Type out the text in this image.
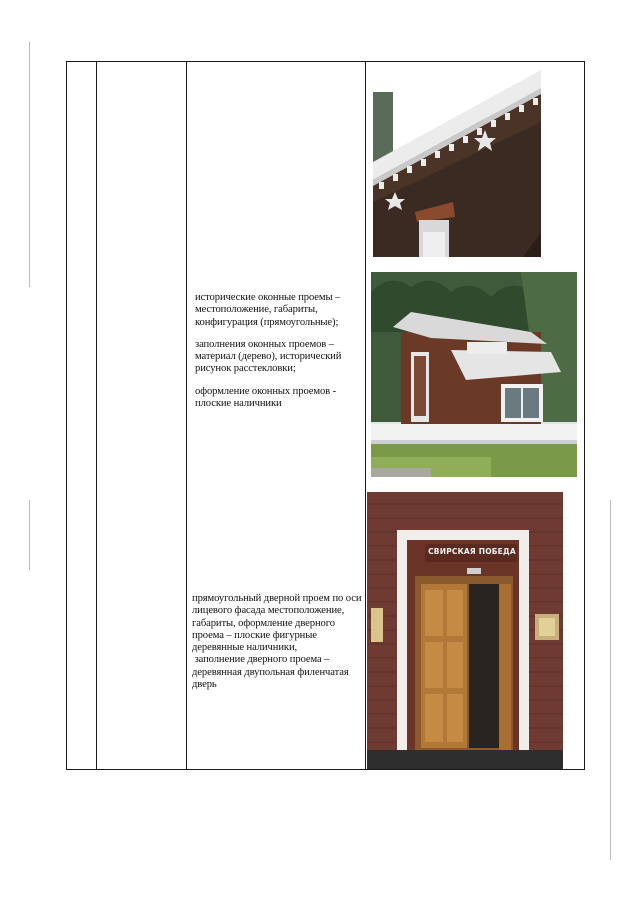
исторические оконные проемы – местоположение, габариты, конфигурация (прямоугольные);

заполнения оконных проемов – материал (дерево), исторический рисунок расстекловки;

оформление оконных проемов - плоские наличники

прямоугольный дверной проем по оси лицевого фасада местоположение, габариты, оформление дверного проема – плоские фигурные деревянные наличники,
заполнение дверного проема – деревянная двупольная филенчатая дверь
СВИРСКАЯ ПОБЕДА
